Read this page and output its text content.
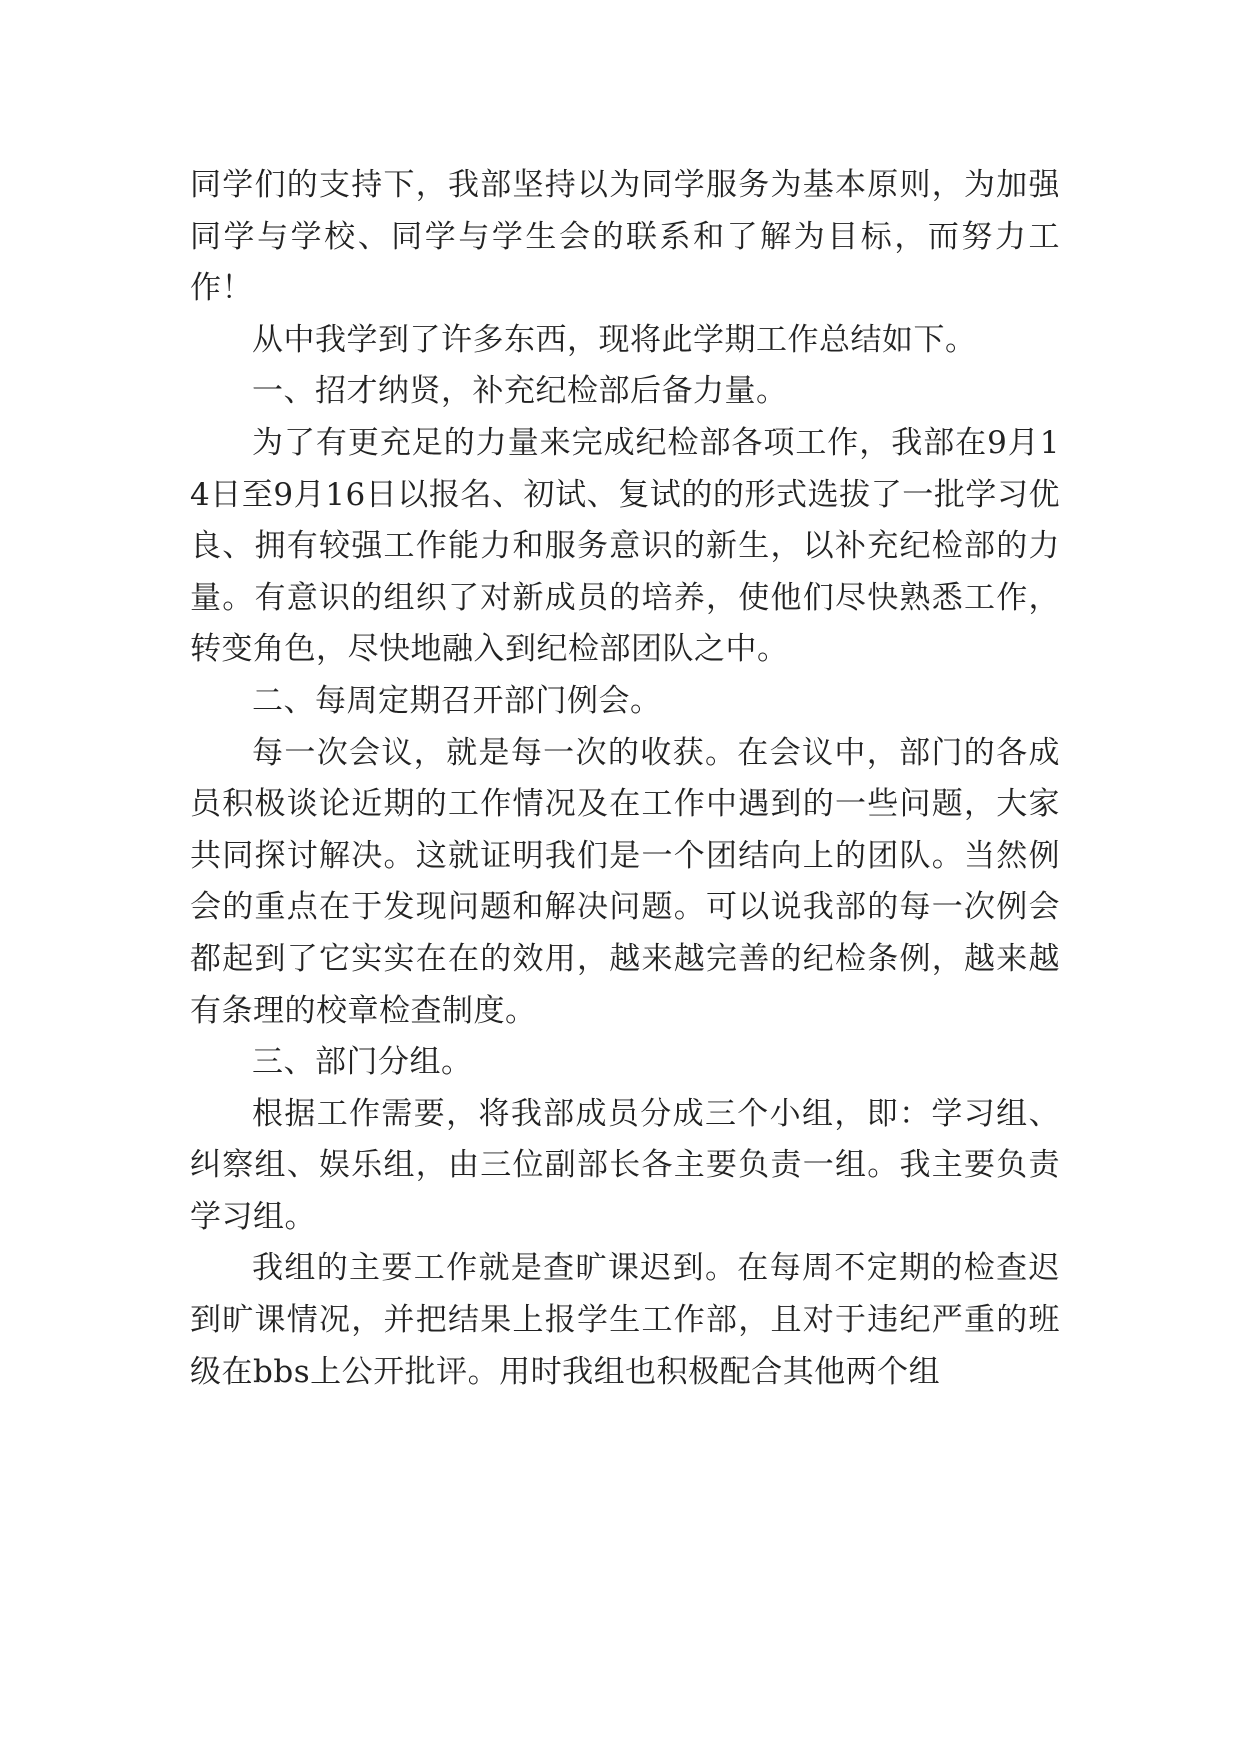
同学们的支持下，我部坚持以为同学服务为基本原则，为加强同学与学校、同学与学生会的联系和了解为目标，而努力工作！

从中我学到了许多东西，现将此学期工作总结如下。

一、招才纳贤，补充纪检部后备力量。

为了有更充足的力量来完成纪检部各项工作，我部在9月14日至9月16日以报名、初试、复试的的形式选拔了一批学习优良、拥有较强工作能力和服务意识的新生，以补充纪检部的力量。有意识的组织了对新成员的培养，使他们尽快熟悉工作，转变角色，尽快地融入到纪检部团队之中。

二、每周定期召开部门例会。

每一次会议，就是每一次的收获。在会议中，部门的各成员积极谈论近期的工作情况及在工作中遇到的一些问题，大家共同探讨解决。这就证明我们是一个团结向上的团队。当然例会的重点在于发现问题和解决问题。可以说我部的每一次例会都起到了它实实在在的效用，越来越完善的纪检条例，越来越有条理的校章检查制度。

三、部门分组。

根据工作需要，将我部成员分成三个小组，即：学习组、纠察组、娱乐组，由三位副部长各主要负责一组。我主要负责学习组。

我组的主要工作就是查旷课迟到。在每周不定期的检查迟到旷课情况，并把结果上报学生工作部，且对于违纪严重的班级在bbs上公开批评。用时我组也积极配合其他两个组
